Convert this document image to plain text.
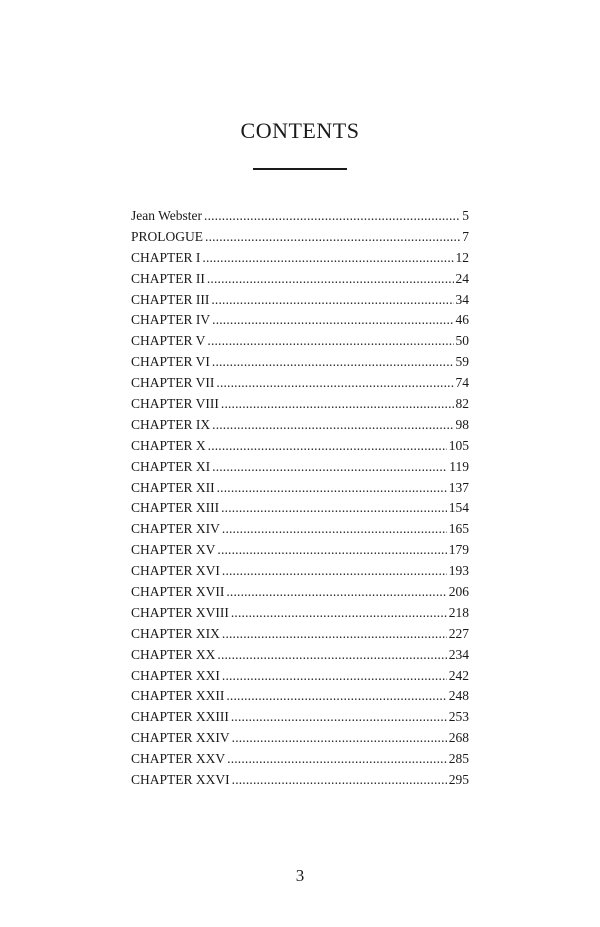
CONTENTS
Jean Webster . . .	5
PROLOGUE . . .	7
CHAPTER I . . .	12
CHAPTER II . . .	24
CHAPTER III . . .	34
CHAPTER IV . . .	46
CHAPTER V . . .	50
CHAPTER VI . . .	59
CHAPTER VII . . .	74
CHAPTER VIII . . .	82
CHAPTER IX . . .	98
CHAPTER X . . .	105
CHAPTER XI . . .	119
CHAPTER XII . . .	137
CHAPTER XIII . . .	154
CHAPTER XIV . . .	165
CHAPTER XV . . .	179
CHAPTER XVI . . .	193
CHAPTER XVII . . .	206
CHAPTER XVIII . . .	218
CHAPTER XIX . . .	227
CHAPTER XX . . .	234
CHAPTER XXI . . .	242
CHAPTER XXII . . .	248
CHAPTER XXIII . . .	253
CHAPTER XXIV . . .	268
CHAPTER XXV . . .	285
CHAPTER XXVI . . .	295
3
